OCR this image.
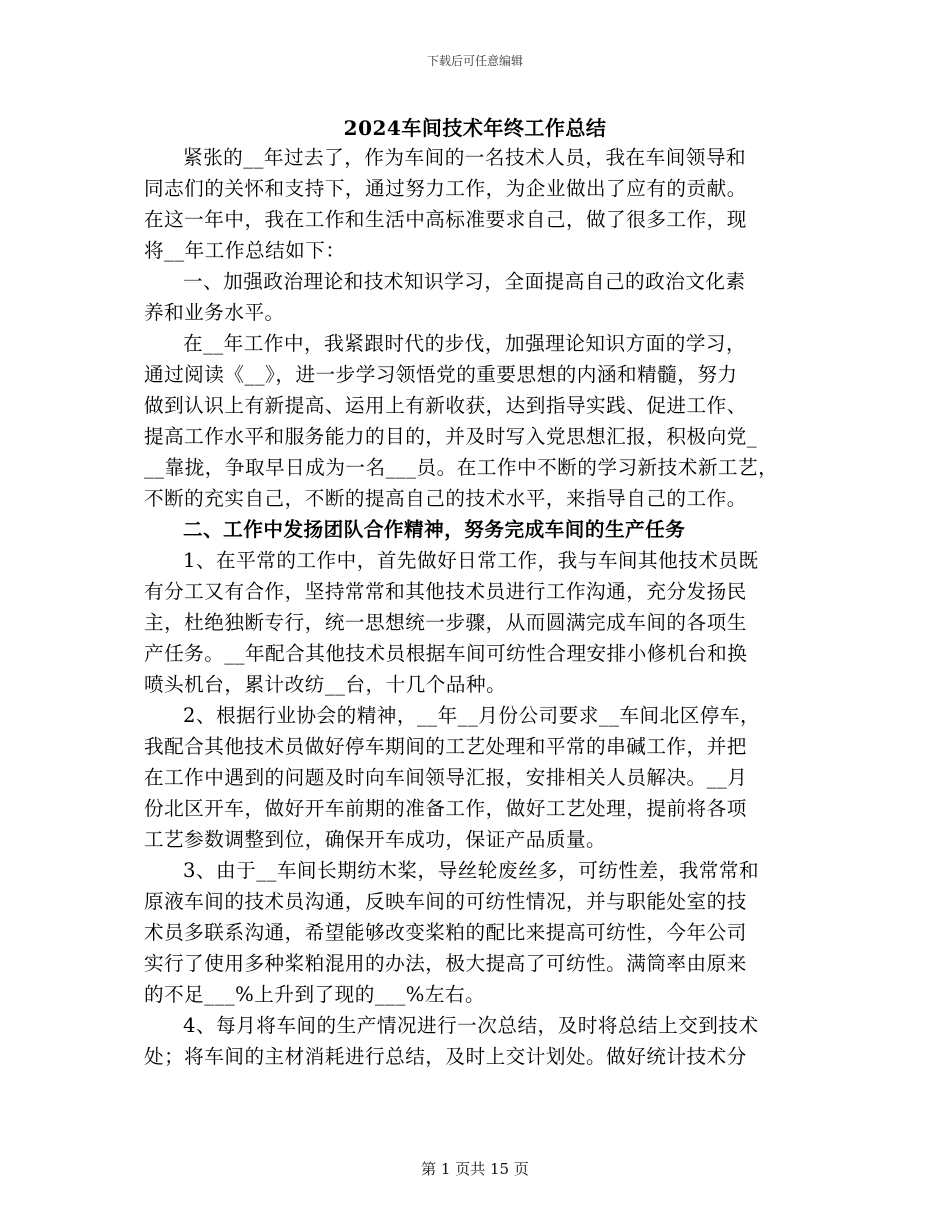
下载后可任意编辑
2024车间技术年终工作总结

紧张的__年过去了，作为车间的一名技术人员，我在车间领导和

同志们的关怀和支持下，通过努力工作，为企业做出了应有的贡献。

在这一年中，我在工作和生活中高标准要求自己，做了很多工作，现

将__年工作总结如下：

一、加强政治理论和技术知识学习，全面提高自己的政治文化素

养和业务水平。

在__年工作中，我紧跟时代的步伐，加强理论知识方面的学习，

通过阅读《__》，进一步学习领悟党的重要思想的内涵和精髓，努力

做到认识上有新提高、运用上有新收获，达到指导实践、促进工作、

提高工作水平和服务能力的目的，并及时写入党思想汇报，积极向党_

__靠拢，争取早日成为一名___员。在工作中不断的学习新技术新工艺，

不断的充实自己，不断的提高自己的技术水平，来指导自己的工作。

二、工作中发扬团队合作精神，努务完成车间的生产任务

1、在平常的工作中，首先做好日常工作，我与车间其他技术员既

有分工又有合作，坚持常常和其他技术员进行工作沟通，充分发扬民

主，杜绝独断专行，统一思想统一步骤，从而圆满完成车间的各项生

产任务。__年配合其他技术员根据车间可纺性合理安排小修机台和换

喷头机台，累计改纺__台，十几个品种。

2、根据行业协会的精神，__年__月份公司要求__车间北区停车，

我配合其他技术员做好停车期间的工艺处理和平常的串碱工作，并把

在工作中遇到的问题及时向车间领导汇报，安排相关人员解决。__月

份北区开车，做好开车前期的准备工作，做好工艺处理，提前将各项

工艺参数调整到位，确保开车成功，保证产品质量。

3、由于__车间长期纺木桨，导丝轮废丝多，可纺性差，我常常和

原液车间的技术员沟通，反映车间的可纺性情况，并与职能处室的技

术员多联系沟通，希望能够改变桨粕的配比来提高可纺性，今年公司

实行了使用多种桨粕混用的办法，极大提高了可纺性。满筒率由原来

的不足___%上升到了现的___%左右。

4、每月将车间的生产情况进行一次总结，及时将总结上交到技术

处；将车间的主材消耗进行总结，及时上交计划处。做好统计技术分

第 1 页共 15 页
